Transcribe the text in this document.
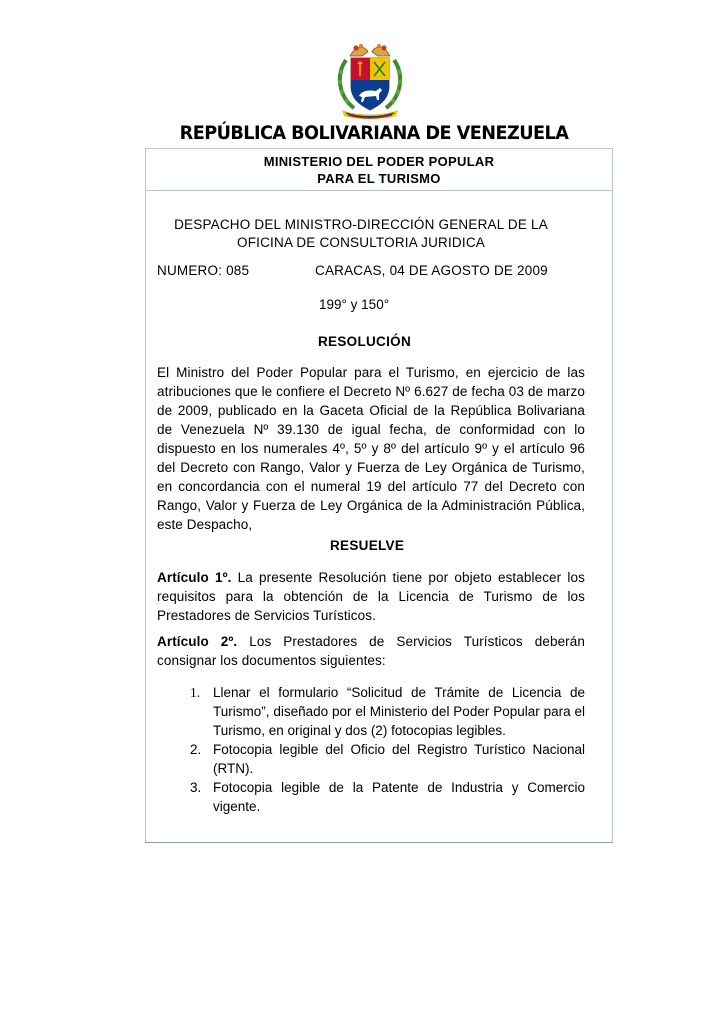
REPÚBLICA BOLIVARIANA DE VENEZUELA
MINISTERIO DEL PODER POPULAR
PARA EL TURISMO
DESPACHO DEL MINISTRO-DIRECCIÓN GENERAL DE LA
OFICINA DE CONSULTORIA JURIDICA
NUMERO: 085	CARACAS, 04 DE AGOSTO DE 2009
199° y 150°
RESOLUCIÓN
El Ministro del Poder Popular para el Turismo, en ejercicio de las atribuciones que le confiere el Decreto Nº 6.627 de fecha 03 de marzo de 2009, publicado en la Gaceta Oficial de la República Bolivariana de Venezuela Nº 39.130 de igual fecha, de conformidad con lo dispuesto en los numerales 4º, 5º y 8º del artículo 9º y el artículo 96 del Decreto con Rango, Valor y Fuerza de Ley Orgánica de Turismo, en concordancia con el numeral 19 del artículo 77 del Decreto con Rango, Valor y Fuerza de Ley Orgánica de la Administración Pública, este Despacho,
RESUELVE
Artículo 1º. La presente Resolución tiene por objeto establecer los requisitos para la obtención de la Licencia de Turismo de los Prestadores de Servicios Turísticos.
Artículo 2º. Los Prestadores de Servicios Turísticos deberán consignar los documentos siguientes:
1. Llenar el formulario “Solicitud de Trámite de Licencia de Turismo”, diseñado por el Ministerio del Poder Popular para el Turismo, en original y dos (2) fotocopias legibles.
2. Fotocopia legible del Oficio del Registro Turístico Nacional (RTN).
3. Fotocopia legible de la Patente de Industria y Comercio vigente.
